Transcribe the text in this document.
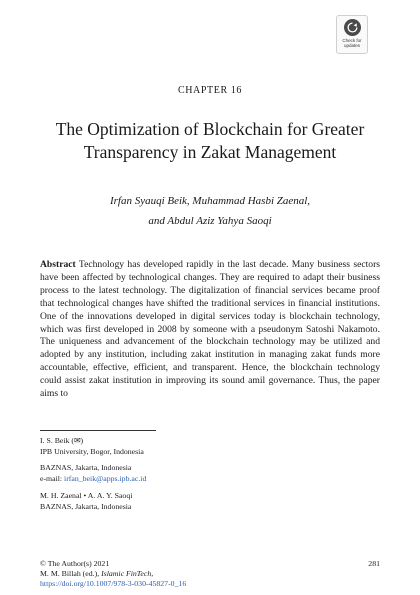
Check for
updates
CHAPTER 16
The Optimization of Blockchain for Greater
Transparency in Zakat Management
Irfan Syauqi Beik, Muhammad Hasbi Zaenal,
and Abdul Aziz Yahya Saoqi
Abstract Technology has developed rapidly in the last decade. Many business sectors have been affected by technological changes. They are required to adapt their business process to the latest technology. The digitalization of financial services became proof that technological changes have shifted the traditional services in financial institutions. One of the innovations developed in digital services today is blockchain technology, which was first developed in 2008 by someone with a pseudonym Satoshi Nakamoto. The uniqueness and advancement of the blockchain technology may be utilized and adopted by any institution, including zakat institution in managing zakat funds more accountable, effective, efficient, and transparent. Hence, the blockchain technology could assist zakat institution in improving its sound amil governance. Thus, the paper aims to
I. S. Beik (✉)
IPB University, Bogor, Indonesia
BAZNAS, Jakarta, Indonesia
e-mail: irfan_beik@apps.ipb.ac.id
M. H. Zaenal • A. A. Y. Saoqi
BAZNAS, Jakarta, Indonesia
© The Author(s) 2021	281
M. M. Billah (ed.), Islamic FinTech,
https://doi.org/10.1007/978-3-030-45827-0_16
